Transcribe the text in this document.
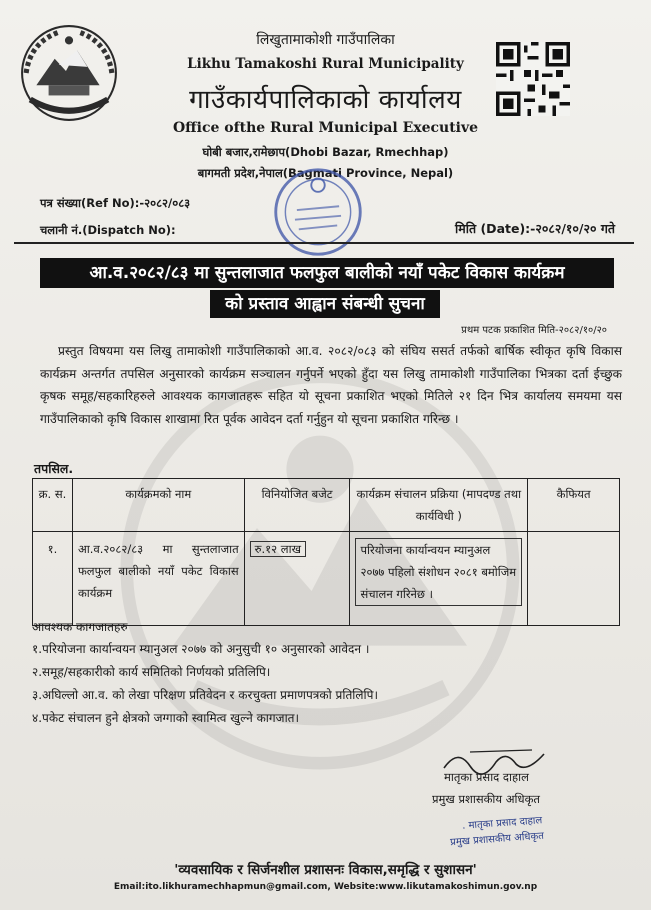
लिखुतामाकोशी गाउँपालिका
Likhu Tamakoshi Rural Municipality
गाउँकार्यपालिकाको कार्यालय
Office ofthe Rural Municipal Executive
घोबी बजार,रामेछाप(Dhobi Bazar, Rmechhap)
बागमती प्रदेश,नेपाल(Bagmati Province, Nepal)
पत्र संख्या(Ref No):-२०८२/०८३
चलानी नं.(Dispatch No):	मिति (Date):-२०८२/१०/२० गते
आ.व.२०८२/८३ मा सुन्तलाजात फलफुल बालीको नयाँ पकेट विकास कार्यक्रम
को प्रस्ताव आह्वान संबन्धी सुचना
प्रथम पटक प्रकाशित मिति-२०८२/१०/२०

प्रस्तुत विषयमा यस लिखु तामाकोशी गाउँपालिकाको आ.व. २०८२/०८३ को संघिय ससर्त तर्फको बार्षिक स्वीकृत कृषि विकास कार्यक्रम अन्तर्गत तपसिल अनुसारको कार्यक्रम सञ्चालन गर्नुपर्ने भएको हुँदा यस लिखु तामाकोशी गाउँपालिका भित्रका दर्ता ईच्छुक कृषक समूह/सहकारिहरुले आवश्यक कागजातहरू सहित यो सूचना प्रकाशित भएको मितिले २१ दिन भित्र कार्यालय समयमा यस गाउँपालिकाको कृषि विकास शाखामा रित पूर्वक आवेदन दर्ता गर्नुहुन यो सूचना प्रकाशित गरिन्छ ।

तपसिल.
क्र. स.	कार्यक्रमको नाम	विनियोजित बजेट	कार्यक्रम संचालन प्रक्रिया (मापदण्ड तथा कार्यविधी )	कैफियत
१.	आ.व.२०८२/८३ मा सुन्तलाजात फलफुल बालीको नयाँ पकेट विकास कार्यक्रम	रु.१२ लाख	परियोजना कार्यान्वयन म्यानुअल २०७७ पहिलो संशोधन २०८१ बमोजिम संचालन गरिनेछ ।	

आवश्यक कागजातहरु
१.परियोजना कार्यान्वयन म्यानुअल २०७७ को अनुसुची १० अनुसारको आवेदन ।
२.समूह/सहकारीको कार्य समितिको निर्णयको प्रतिलिपि।
३.अघिल्लो आ.व. को लेखा परिक्षण प्रतिवेदन र करचुक्ता प्रमाणपत्रको प्रतिलिपि।
४.पकेट संचालन हुने क्षेत्रको जग्गाको स्वामित्व खुल्ने कागजात।
मातृका प्रसाद दाहाल
प्रमुख प्रशासकीय अधिकृत
. मातृका प्रसाद दाहाल
प्रमुख प्रशासकीय अधिकृत
'व्यवसायिक र सिर्जनशील प्रशासनः विकास,समृद्धि र सुशासन'
Email:ito.likhuramechhapmun@gmail.com, Website:www.likutamakoshimun.gov.np
